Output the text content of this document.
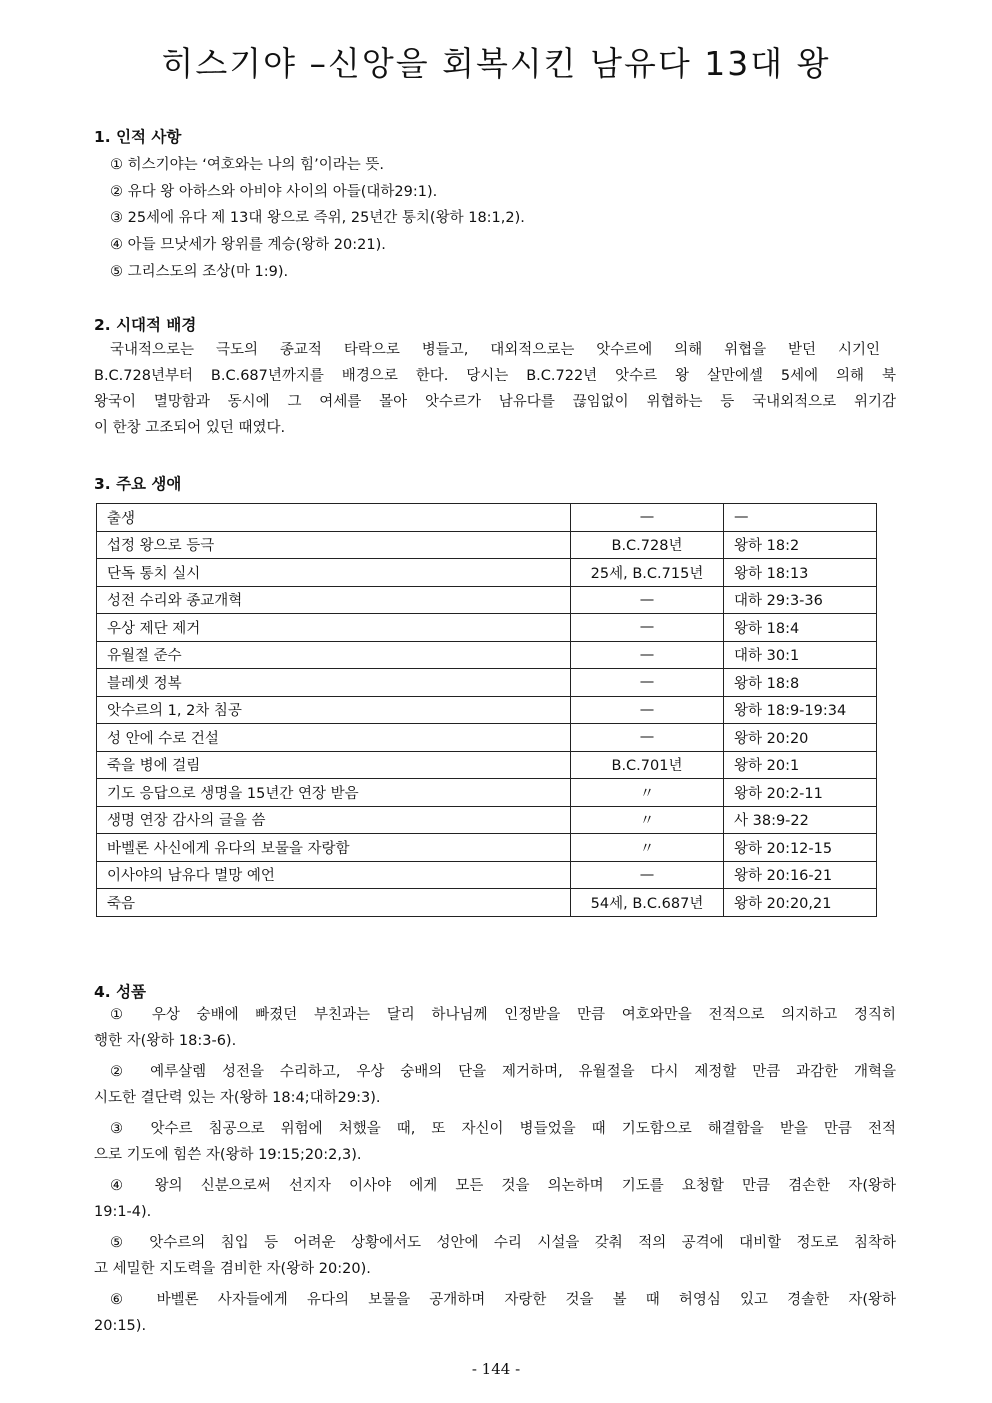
히스기야 –신앙을 회복시킨 남유다 13대 왕
1. 인적 사항

① 히스기야는 ‘여호와는 나의 힘’이라는 뜻.

② 유다 왕 아하스와 아비야 사이의 아들(대하29:1).

③ 25세에 유다 제 13대 왕으로 즉위, 25년간 통치(왕하 18:1,2).

④ 아들 므낫세가 왕위를 계승(왕하 20:21).

⑤ 그리스도의 조상(마 1:9).

2. 시대적 배경
국내적으로는 극도의 종교적 타락으로 병들고, 대외적으로는 앗수르에 의해 위협을 받던 시기인
B.C.728년부터 B.C.687년까지를 배경으로 한다. 당시는 B.C.722년 앗수르 왕 살만에셀 5세에 의해 북
왕국이 멸망함과 동시에 그 여세를 몰아 앗수르가 남유다를 끊임없이 위협하는 등 국내외적으로 위기감
이 한창 고조되어 있던 때였다.
3. 주요 생애
출생	—	—
섭정 왕으로 등극	B.C.728년	왕하 18:2
단독 통치 실시	25세, B.C.715년	왕하 18:13
성전 수리와 종교개혁	—	대하 29:3-36
우상 제단 제거	—	왕하 18:4
유월절 준수	—	대하 30:1
블레셋 정복	—	왕하 18:8
앗수르의 1, 2차 침공	—	왕하 18:9-19:34
성 안에 수로 건설	—	왕하 20:20
죽을 병에 걸림	B.C.701년	왕하 20:1
기도 응답으로 생명을 15년간 연장 받음	〃	왕하 20:2-11
생명 연장 감사의 글을 씀	〃	사 38:9-22
바벨론 사신에게 유다의 보물을 자랑함	〃	왕하 20:12-15
이사야의 남유다 멸망 예언	—	왕하 20:16-21
죽음	54세, B.C.687년	왕하 20:20,21
4. 성품
① 우상 숭배에 빠졌던 부친과는 달리 하나님께 인정받을 만큼 여호와만을 전적으로 의지하고 정직히
행한 자(왕하 18:3-6).
② 예루살렘 성전을 수리하고, 우상 숭배의 단을 제거하며, 유월절을 다시 제정할 만큼 과감한 개혁을
시도한 결단력 있는 자(왕하 18:4;대하29:3).
③ 앗수르 침공으로 위험에 처했을 때, 또 자신이 병들었을 때 기도함으로 해결함을 받을 만큼 전적
으로 기도에 힘쓴 자(왕하 19:15;20:2,3).
④ 왕의 신분으로써 선지자 이사야 에게 모든 것을 의논하며 기도를 요청할 만큼 겸손한 자(왕하
19:1-4).
⑤ 앗수르의 침입 등 어려운 상황에서도 성안에 수리 시설을 갖춰 적의 공격에 대비할 정도로 침착하
고 세밀한 지도력을 겸비한 자(왕하 20:20).
⑥ 바벨론 사자들에게 유다의 보물을 공개하며 자랑한 것을 볼 때 허영심 있고 경솔한 자(왕하
20:15).
- 144 -
